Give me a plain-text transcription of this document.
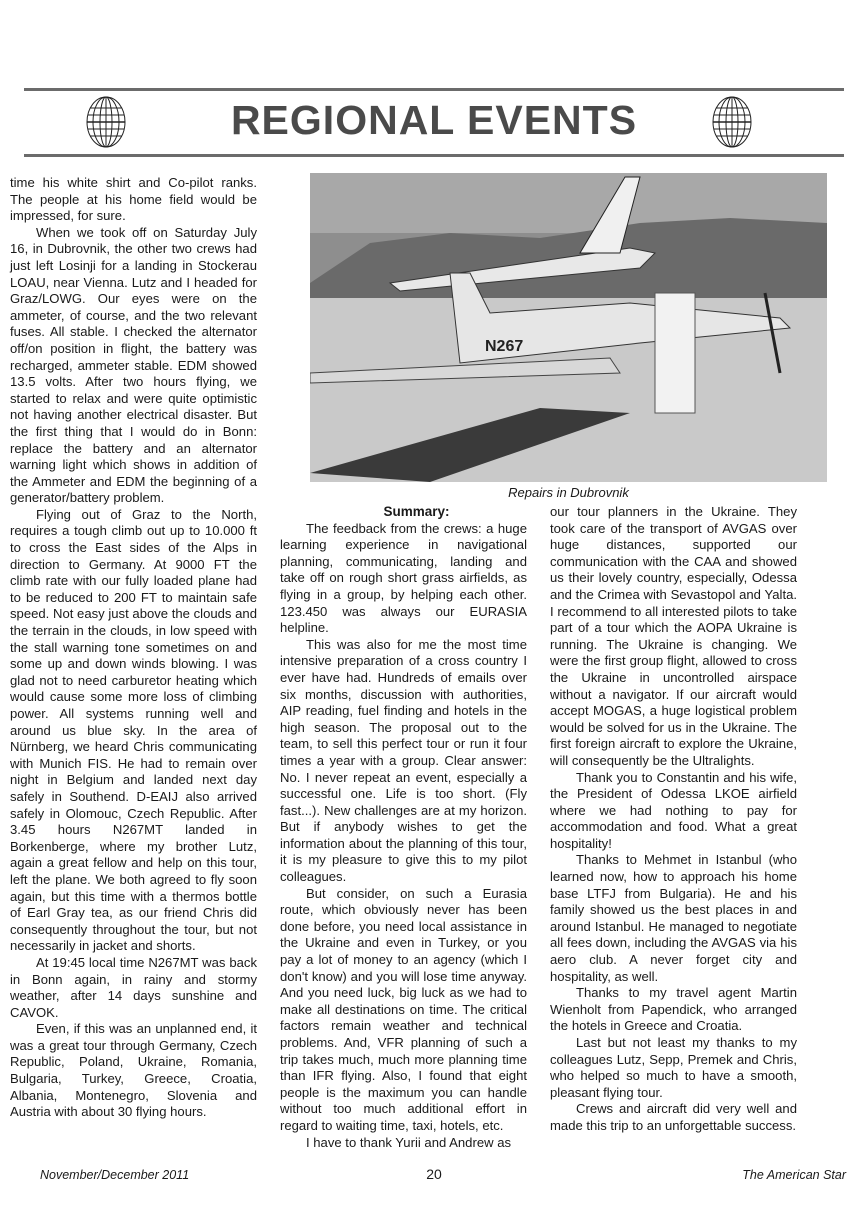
REGIONAL EVENTS

time his white shirt and Co-pilot ranks. The people at his home field would be impressed, for sure.

When we took off on Saturday July 16, in Dubrovnik, the other two crews had just left Losinji for a landing in Stockerau LOAU, near Vienna. Lutz and I headed for Graz/LOWG. Our eyes were on the ammeter, of course, and the two relevant fuses. All stable. I checked the alternator off/on position in flight, the battery was recharged, ammeter stable. EDM showed 13.5 volts. After two hours flying, we started to relax and were quite optimistic not having another electrical disaster. But the first thing that I would do in Bonn: replace the battery and an alternator warning light which shows in addition of the Ammeter and EDM the beginning of a generator/battery problem.

Flying out of Graz to the North, requires a tough climb out up to 10.000 ft to cross the East sides of the Alps in direction to Germany. At 9000 FT the climb rate with our fully loaded plane had to be reduced to 200 FT to maintain safe speed. Not easy just above the clouds and the terrain in the clouds, in low speed with the stall warning tone sometimes on and some up and down winds blowing. I was glad not to need carburetor heating which would cause some more loss of climbing power. All systems running well and around us blue sky. In the area of Nürnberg, we heard Chris communicating with Munich FIS. He had to remain over night in Belgium and landed next day safely in Southend. D-EAIJ also arrived safely in Olomouc, Czech Republic. After 3.45 hours N267MT landed in Borkenberge, where my brother Lutz, again a great fellow and help on this tour, left the plane. We both agreed to fly soon again, but this time with a thermos bottle of Earl Gray tea, as our friend Chris did consequently throughout the tour, but not necessarily in jacket and shorts.

At 19:45 local time N267MT was back in Bonn again, in rainy and stormy weather, after 14 days sunshine and CAVOK.

Even, if this was an unplanned end, it was a great tour through Germany, Czech Republic, Poland, Ukraine, Romania, Bulgaria, Turkey, Greece, Croatia, Albania, Montenegro, Slovenia and Austria with about 30 flying hours.

N267
Repairs in Dubrovnik

Summary:

The feedback from the crews: a huge learning experience in navigational planning, communicating, landing and take off on rough short grass airfields, as flying in a group, by helping each other. 123.450 was always our EURASIA helpline.

This was also for me the most time intensive preparation of a cross country I ever have had. Hundreds of emails over six months, discussion with authorities, AIP reading, fuel finding and hotels in the high season. The proposal out to the team, to sell this perfect tour or run it four times a year with a group. Clear answer: No. I never repeat an event, especially a successful one. Life is too short. (Fly fast...). New challenges are at my horizon. But if anybody wishes to get the information about the planning of this tour, it is my pleasure to give this to my pilot colleagues.

But consider, on such a Eurasia route, which obviously never has been done before, you need local assistance in the Ukraine and even in Turkey, or you pay a lot of money to an agency (which I don't know) and you will lose time anyway. And you need luck, big luck as we had to make all destinations on time. The critical factors remain weather and technical problems. And, VFR planning of such a trip takes much, much more planning time than IFR flying. Also, I found that eight people is the maximum you can handle without too much additional effort in regard to waiting time, taxi, hotels, etc.

I have to thank Yurii and Andrew as

our tour planners in the Ukraine. They took care of the transport of AVGAS over huge distances, supported our communication with the CAA and showed us their lovely country, especially, Odessa and the Crimea with Sevastopol and Yalta. I recommend to all interested pilots to take part of a tour which the AOPA Ukraine is running. The Ukraine is changing. We were the first group flight, allowed to cross the Ukraine in uncontrolled airspace without a navigator. If our aircraft would accept MOGAS, a huge logistical problem would be solved for us in the Ukraine. The first foreign aircraft to explore the Ukraine, will consequently be the Ultralights.

Thank you to Constantin and his wife, the President of Odessa LKOE airfield where we had nothing to pay for accommodation and food. What a great hospitality!

Thanks to Mehmet in Istanbul (who learned now, how to approach his home base LTFJ from Bulgaria). He and his family showed us the best places in and around Istanbul. He managed to negotiate all fees down, including the AVGAS via his aero club. A never forget city and hospitality, as well.

Thanks to my travel agent Martin Wienholt from Papendick, who arranged the hotels in Greece and Croatia.

Last but not least my thanks to my colleagues Lutz, Sepp, Premek and Chris, who helped so much to have a smooth, pleasant flying tour.

Crews and aircraft did very well and made this trip to an unforgettable success.

November/December 2011	20	The American Star
